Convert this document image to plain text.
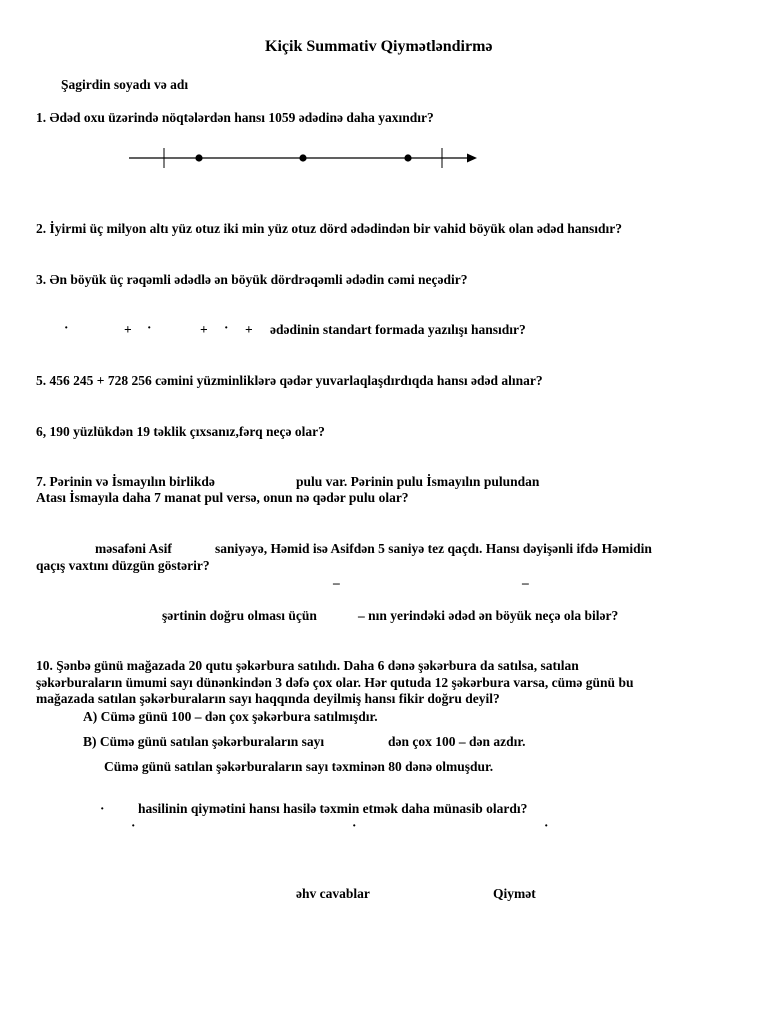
Kiçik Summativ Qiymətləndirmə
Şagirdin soyadı və adı
1. Ədəd oxu üzərində nöqtələrdən hansı 1059 ədədinə daha yaxındır?
2. İyirmi üç milyon altı yüz otuz iki min yüz otuz dörd ədədindən bir vahid böyük olan ədəd hansıdır?
3. Ən böyük üç rəqəmli ədədlə ən böyük dördrəqəmli ədədin cəmi neçədir?
·	+ ·	+ · + ədədinin standart formada yazılışı hansıdır?
5. 456 245 + 728 256 cəmini yüzminliklərə qədər yuvarlaqlaşdırdıqda hansı ədəd alınar?
6, 190 yüzlükdən 19 təklik çıxsanız,fərq neçə olar?
7. Pərinin və İsmayılın birlikdə	pulu var. Pərinin pulu İsmayılın pulundan
Atası İsmayıla daha 7 manat pul versə, onun nə qədər pulu olar?
məsafəni Asif	saniyəyə, Həmid isə Asifdən 5 saniyə tez qaçdı. Hansı dəyişənli ifdə Həmidin
qaçış vaxtını düzgün göstərir?
–	–
şərtinin doğru olması üçün	– nın yerindəki ədəd ən böyük neçə ola bilər?
10. Şənbə günü mağazada 20 qutu şəkərbura satılıdı. Daha 6 dənə şəkərbura da satılsa, satılan
şəkərburaların ümumi sayı dünənkindən 3 dəfə çox olar. Hər qutuda 12 şəkərbura varsa, cümə günü bu
mağazada satılan şəkərburaların sayı haqqında deyilmiş hansı fikir doğru deyil?
A) Cümə günü 100 – dən çox şəkərbura satılmışdır.
B) Cümə günü satılan şəkərburaların sayı	dən çox 100 – dən azdır.
Cümə günü satılan şəkərburaların sayı təxminən 80 dənə olmuşdur.
· hasilinin qiymətini hansı hasilə təxmin etmək daha münasib olardı?
·	·	·
əhv cavablar	Qiymət
